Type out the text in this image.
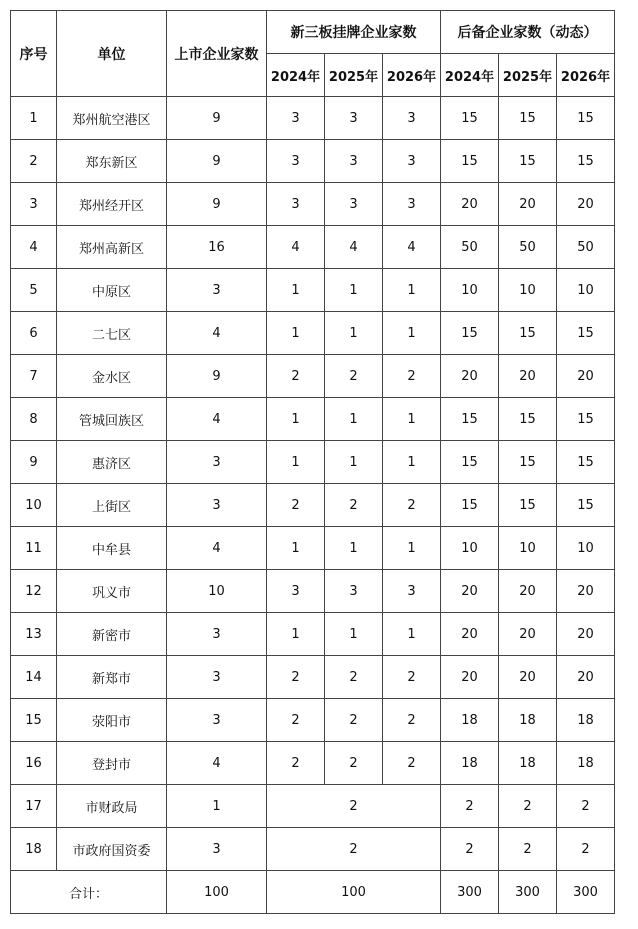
序号	单位	上市企业家数	新三板挂牌企业家数			后备企业家数（动态）		
			2024年	2025年	2026年	2024年	2025年	2026年
1	郑州航空港区	9	3	3	3	15	15	15
2	郑东新区	9	3	3	3	15	15	15
3	郑州经开区	9	3	3	3	20	20	20
4	郑州高新区	16	4	4	4	50	50	50
5	中原区	3	1	1	1	10	10	10
6	二七区	4	1	1	1	15	15	15
7	金水区	9	2	2	2	20	20	20
8	管城回族区	4	1	1	1	15	15	15
9	惠济区	3	1	1	1	15	15	15
10	上街区	3	2	2	2	15	15	15
11	中牟县	4	1	1	1	10	10	10
12	巩义市	10	3	3	3	20	20	20
13	新密市	3	1	1	1	20	20	20
14	新郑市	3	2	2	2	20	20	20
15	荥阳市	3	2	2	2	18	18	18
16	登封市	4	2	2	2	18	18	18
17	市财政局	1	2			2	2	2
18	市政府国资委	3	2			2	2	2
合计：		100	100			300	300	300
